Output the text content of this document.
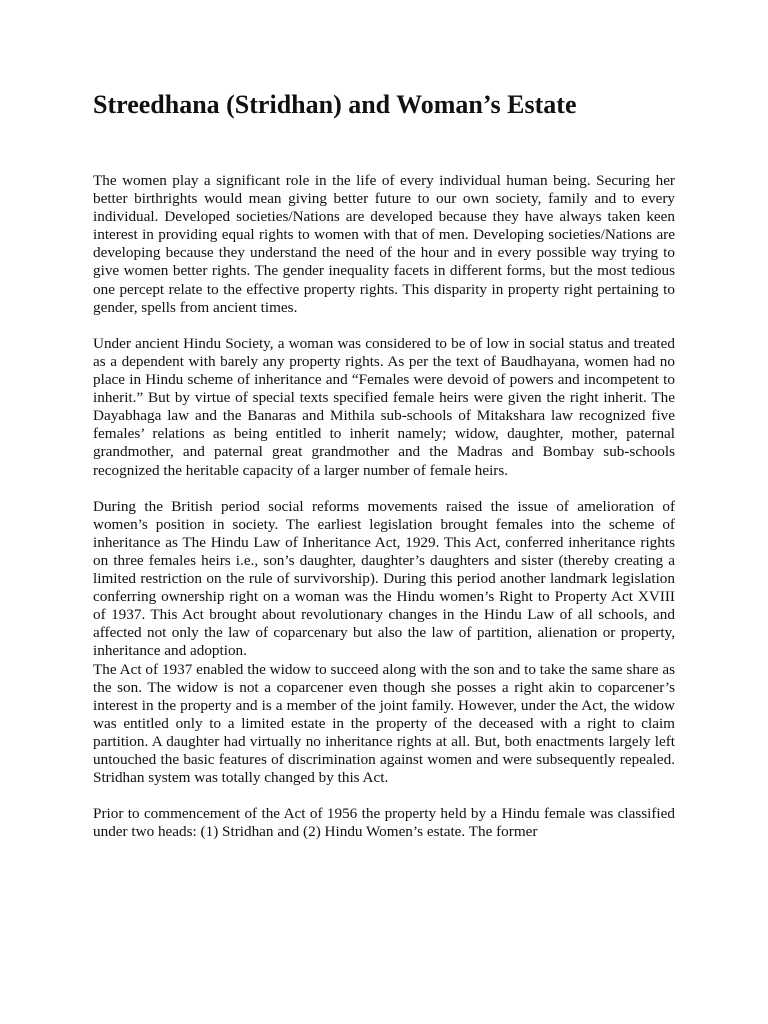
Streedhana (Stridhan) and Woman’s Estate

The women play a significant role in the life of every individual human being. Securing her better birthrights would mean giving better future to our own society, family and to every individual. Developed societies/Nations are developed because they have always taken keen interest in providing equal rights to women with that of men. Developing societies/Nations are developing because they understand the need of the hour and in every possible way trying to give women better rights. The gender inequality facets in different forms, but the most tedious one percept relate to the effective property rights. This disparity in property right pertaining to gender, spells from ancient times.

Under ancient Hindu Society, a woman was considered to be of low in social status and treated as a dependent with barely any property rights. As per the text of Baudhayana, women had no place in Hindu scheme of inheritance and “Females were devoid of powers and incompetent to inherit.” But by virtue of special texts specified female heirs were given the right inherit. The Dayabhaga law and the Banaras and Mithila sub-schools of Mitakshara law recognized five females’ relations as being entitled to inherit namely; widow, daughter, mother, paternal grandmother, and paternal great grandmother and the Madras and Bombay sub-schools recognized the heritable capacity of a larger number of female heirs.

During the British period social reforms movements raised the issue of amelioration of women’s position in society. The earliest legislation brought females into the scheme of inheritance as The Hindu Law of Inheritance Act, 1929. This Act, conferred inheritance rights on three females heirs i.e., son’s daughter, daughter’s daughters and sister (thereby creating a limited restriction on the rule of survivorship). During this period another landmark legislation conferring ownership right on a woman was the Hindu women’s Right to Property Act XVIII of 1937. This Act brought about revolutionary changes in the Hindu Law of all schools, and affected not only the law of coparcenary but also the law of partition, alienation or property, inheritance and adoption.

The Act of 1937 enabled the widow to succeed along with the son and to take the same share as the son. The widow is not a coparcener even though she posses a right akin to coparcener’s interest in the property and is a member of the joint family. However, under the Act, the widow was entitled only to a limited estate in the property of the deceased with a right to claim partition. A daughter had virtually no inheritance rights at all. But, both enactments largely left untouched the basic features of discrimination against women and were subsequently repealed. Stridhan system was totally changed by this Act.

Prior to commencement of the Act of 1956 the property held by a Hindu female was classified under two heads: (1) Stridhan and (2) Hindu Women’s estate. The former
